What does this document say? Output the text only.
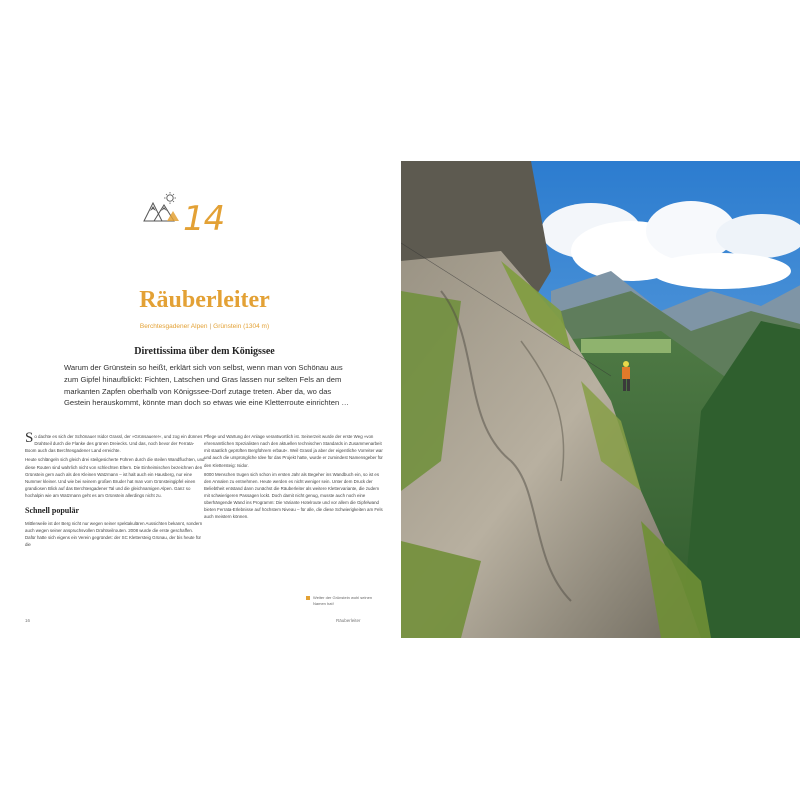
14
Räuberleiter
Berchtesgadener Alpen | Grünstein (1304 m)
Direttissima über dem Königssee
Warum der Grünstein so heißt, erklärt sich von selbst, wenn man von Schönau aus zum Gipfel hinaufblickt: Fichten, Latschen und Gras lassen nur selten Fels an dem markanten Zapfen oberhalb von Königssee-Dorf zutage treten. Aber da, wo das Gestein herauskommt, könnte man doch so etwas wie eine Kletterroute einrichten …

So dachte es sich der Schönauer Isidor Grassl, der »Grünsauerer«, und zog ein dünnes Drahtseil durch die Flanke des grünen Dreiecks. Und das, noch bevor der Ferrata-Boom auch das Berchtesgadener Land erreichte.

Heute schlängeln sich gleich drei steilgesicherte Führen durch die steilen Wandfluchten, und diese Routen sind wahrlich nicht von schlechten Eltern. Die Einheimischen bezeichnen den Grünstein gern auch als den Kleinen Watzmann – ist halt auch ein Hausberg, nur eine Nummer kleiner. Und wie bei seinem großen Bruder hat man vom Grünsteingipfel einen grandiosen Blick auf das Berchtesgadener Tal und die gleichnamigen Alpen. Ganz so hochalpin wie am Watzmann geht es am Grünstein allerdings nicht zu.

Schnell populär

Mittlerweile ist der Berg nicht nur wegen seiner spektakulären Aussichten bekannt, sondern auch wegen seiner anspruchsvollen Drahtseilrouten. 2008 wurde die erste geschaffen. Dafür hatte sich eigens ein Verein gegründet: der SC Klettersteig Grünau, der bis heute für die

Pflege und Wartung der Anlage verantwortlich ist. Seinerzeit wurde der erste Weg »von ehrenamtlichen Spezialisten nach den aktuellen technischen Standards in Zusammenarbeit mit staatlich geprüften Bergführern erbaut«. Weil Grassl ja aber der eigentliche Vorreiter war und auch die ursprüngliche Idee für das Projekt hatte, wurde er zumindest Namensgeber für den Klettersteig: Isidor.

8000 Menschen trugen sich schon im ersten Jahr als Begeher ins Wandbuch ein, so ist es den Annalen zu entnehmen. Heute werden es nicht weniger sein. Unter dem Druck der Beliebtheit entstand dann zunächst die Räuberleiter als weitere Klettervariante, die zudem mit schwierigeren Passagen lockt. Doch damit nicht genug, musste auch noch eine überhängende Wand ins Programm: Die Variante Hotelroute und vor allem die Gipfelwand bieten Ferrata-Erlebnisse auf höchstem Niveau – für alle, die diese Schwierigkeiten am Fels auch meistern können.

Weiter der Grünstein wohl seinen Namen hat!
16	Räuberleiter
